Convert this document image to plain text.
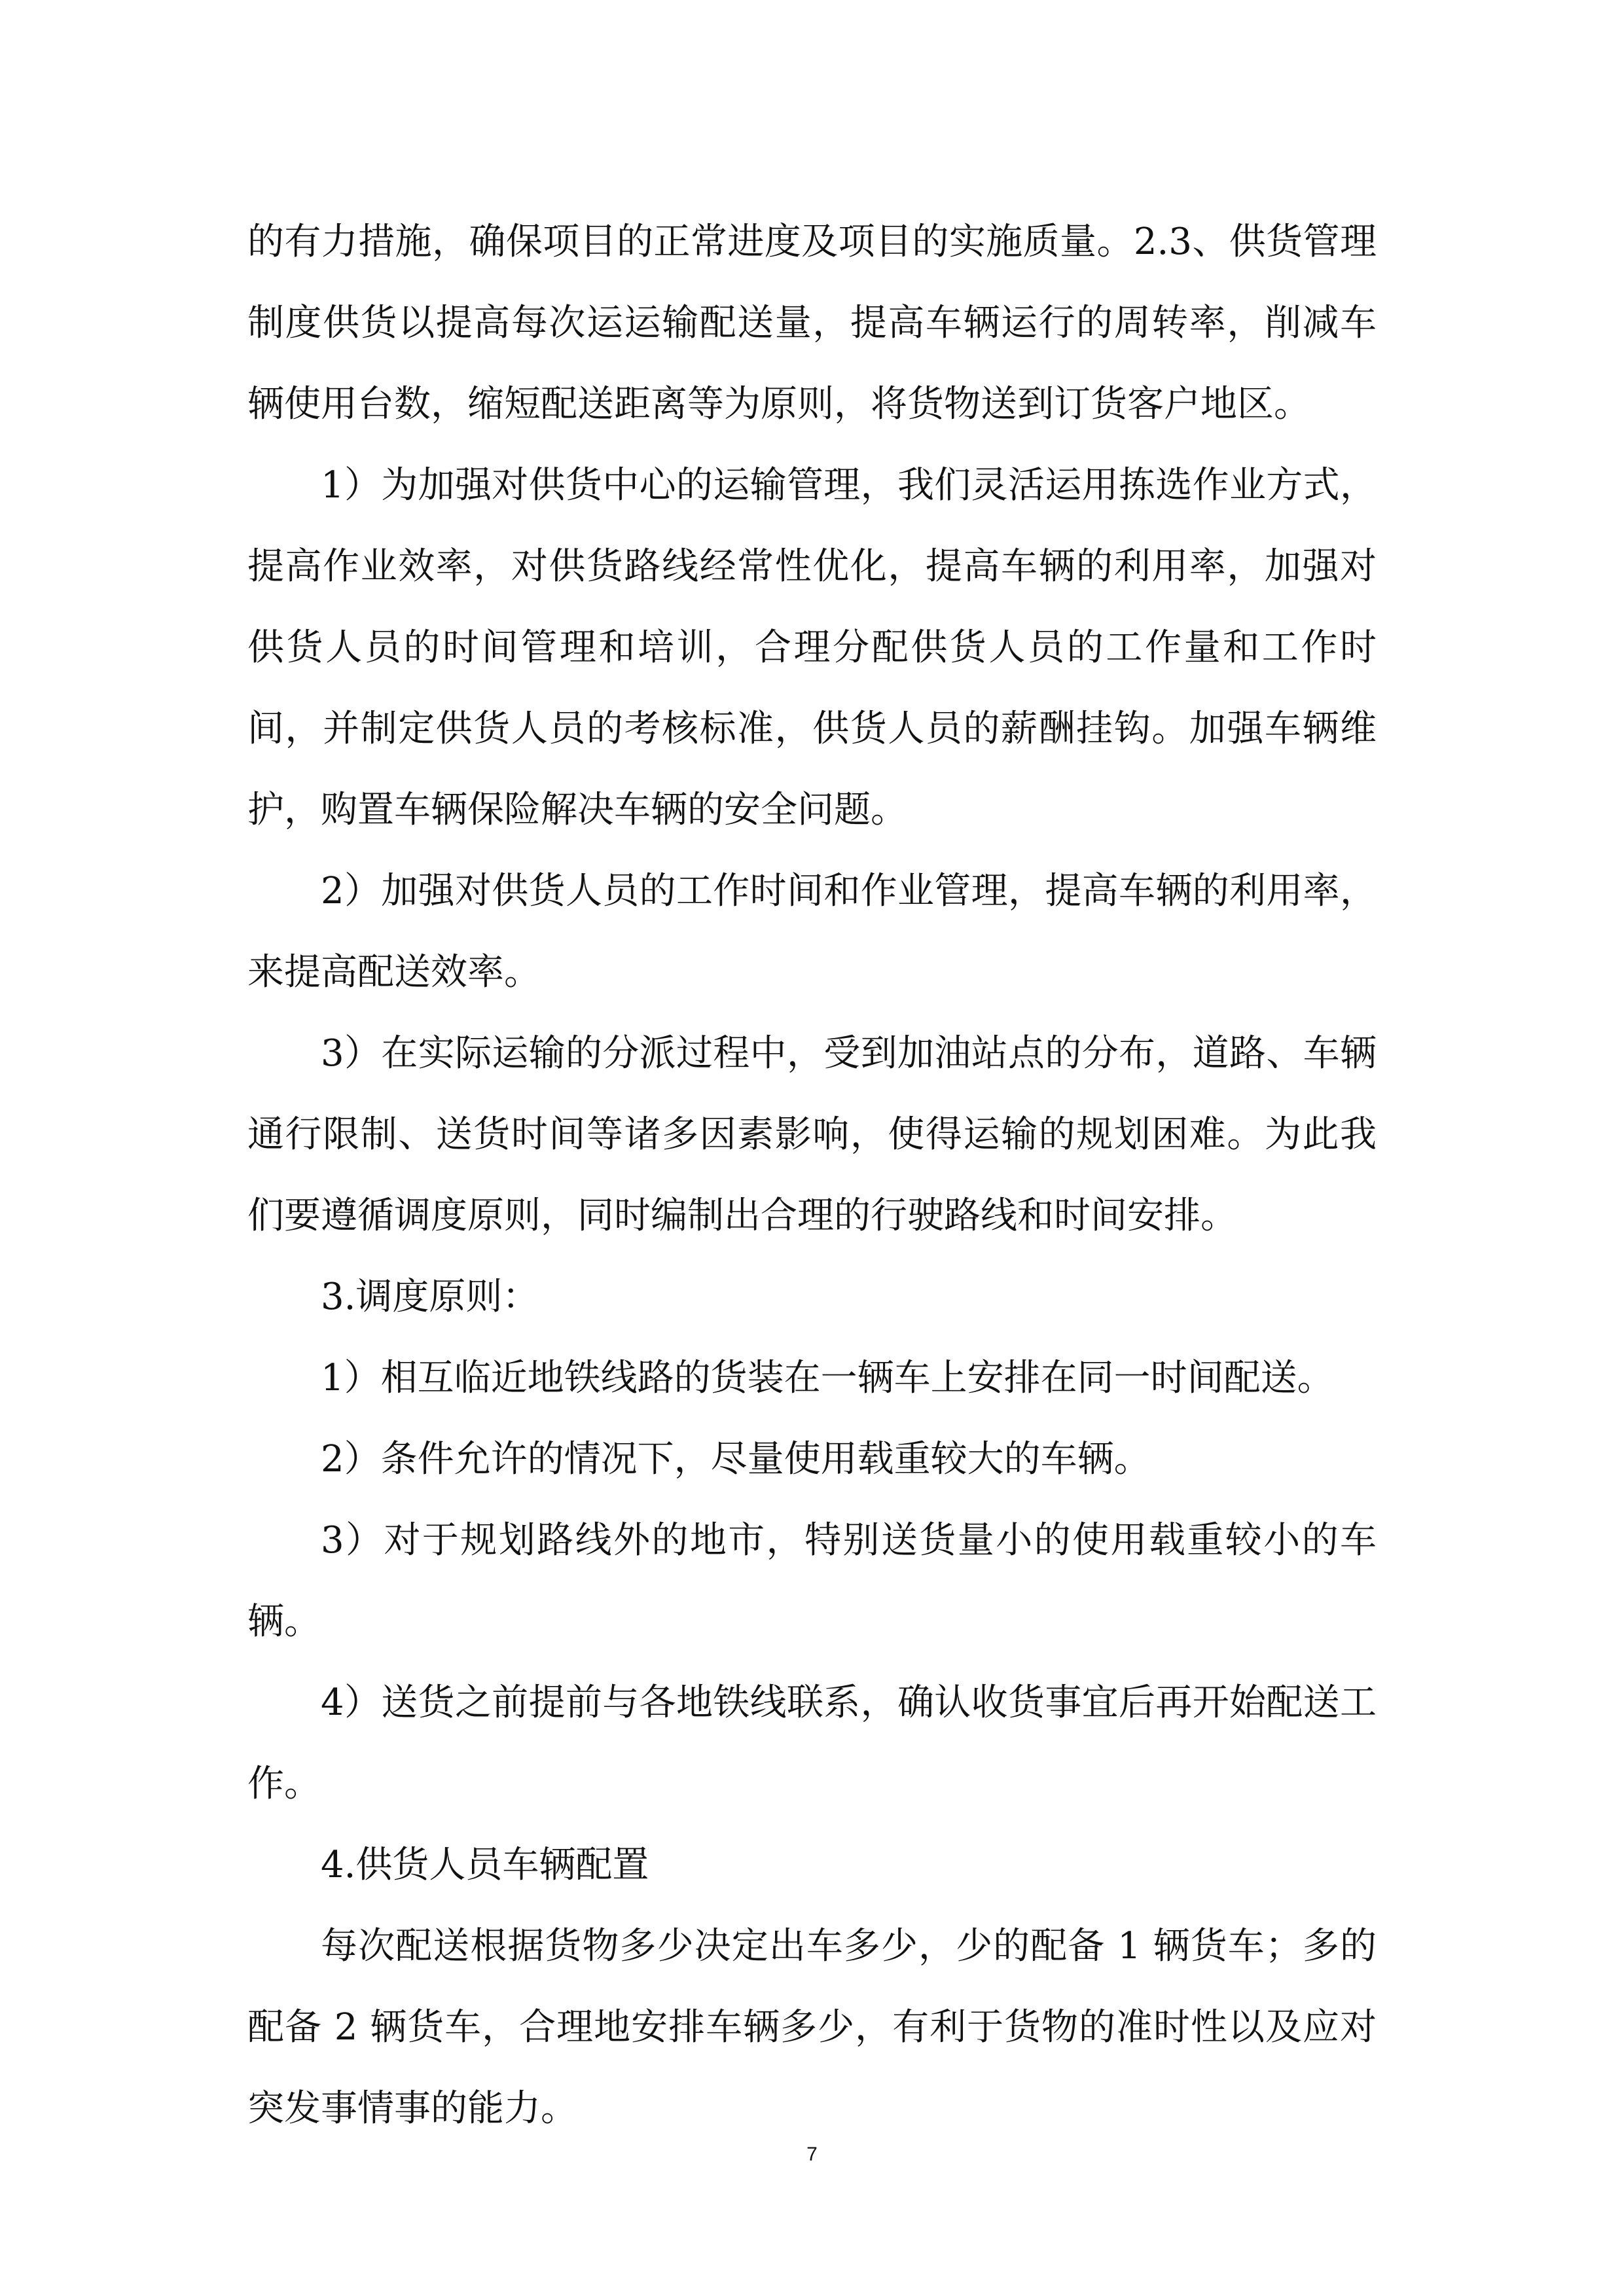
的有力措施，确保项目的正常进度及项目的实施质量。2.3、供货管理制度供货以提高每次运运输配送量，提高车辆运行的周转率，削减车辆使用台数，缩短配送距离等为原则，将货物送到订货客户地区。

1）为加强对供货中心的运输管理，我们灵活运用拣选作业方式，提高作业效率，对供货路线经常性优化，提高车辆的利用率，加强对供货人员的时间管理和培训，合理分配供货人员的工作量和工作时间，并制定供货人员的考核标准，供货人员的薪酬挂钩。加强车辆维护，购置车辆保险解决车辆的安全问题。

2）加强对供货人员的工作时间和作业管理，提高车辆的利用率，来提高配送效率。

3）在实际运输的分派过程中，受到加油站点的分布，道路、车辆通行限制、送货时间等诸多因素影响，使得运输的规划困难。为此我们要遵循调度原则，同时编制出合理的行驶路线和时间安排。

3.调度原则：

1）相互临近地铁线路的货装在一辆车上安排在同一时间配送。

2）条件允许的情况下，尽量使用载重较大的车辆。

3）对于规划路线外的地市，特别送货量小的使用载重较小的车辆。

4）送货之前提前与各地铁线联系，确认收货事宜后再开始配送工作。

4.供货人员车辆配置

每次配送根据货物多少决定出车多少，少的配备 1 辆货车；多的配备 2 辆货车，合理地安排车辆多少，有利于货物的准时性以及应对突发事情事的能力。

7
